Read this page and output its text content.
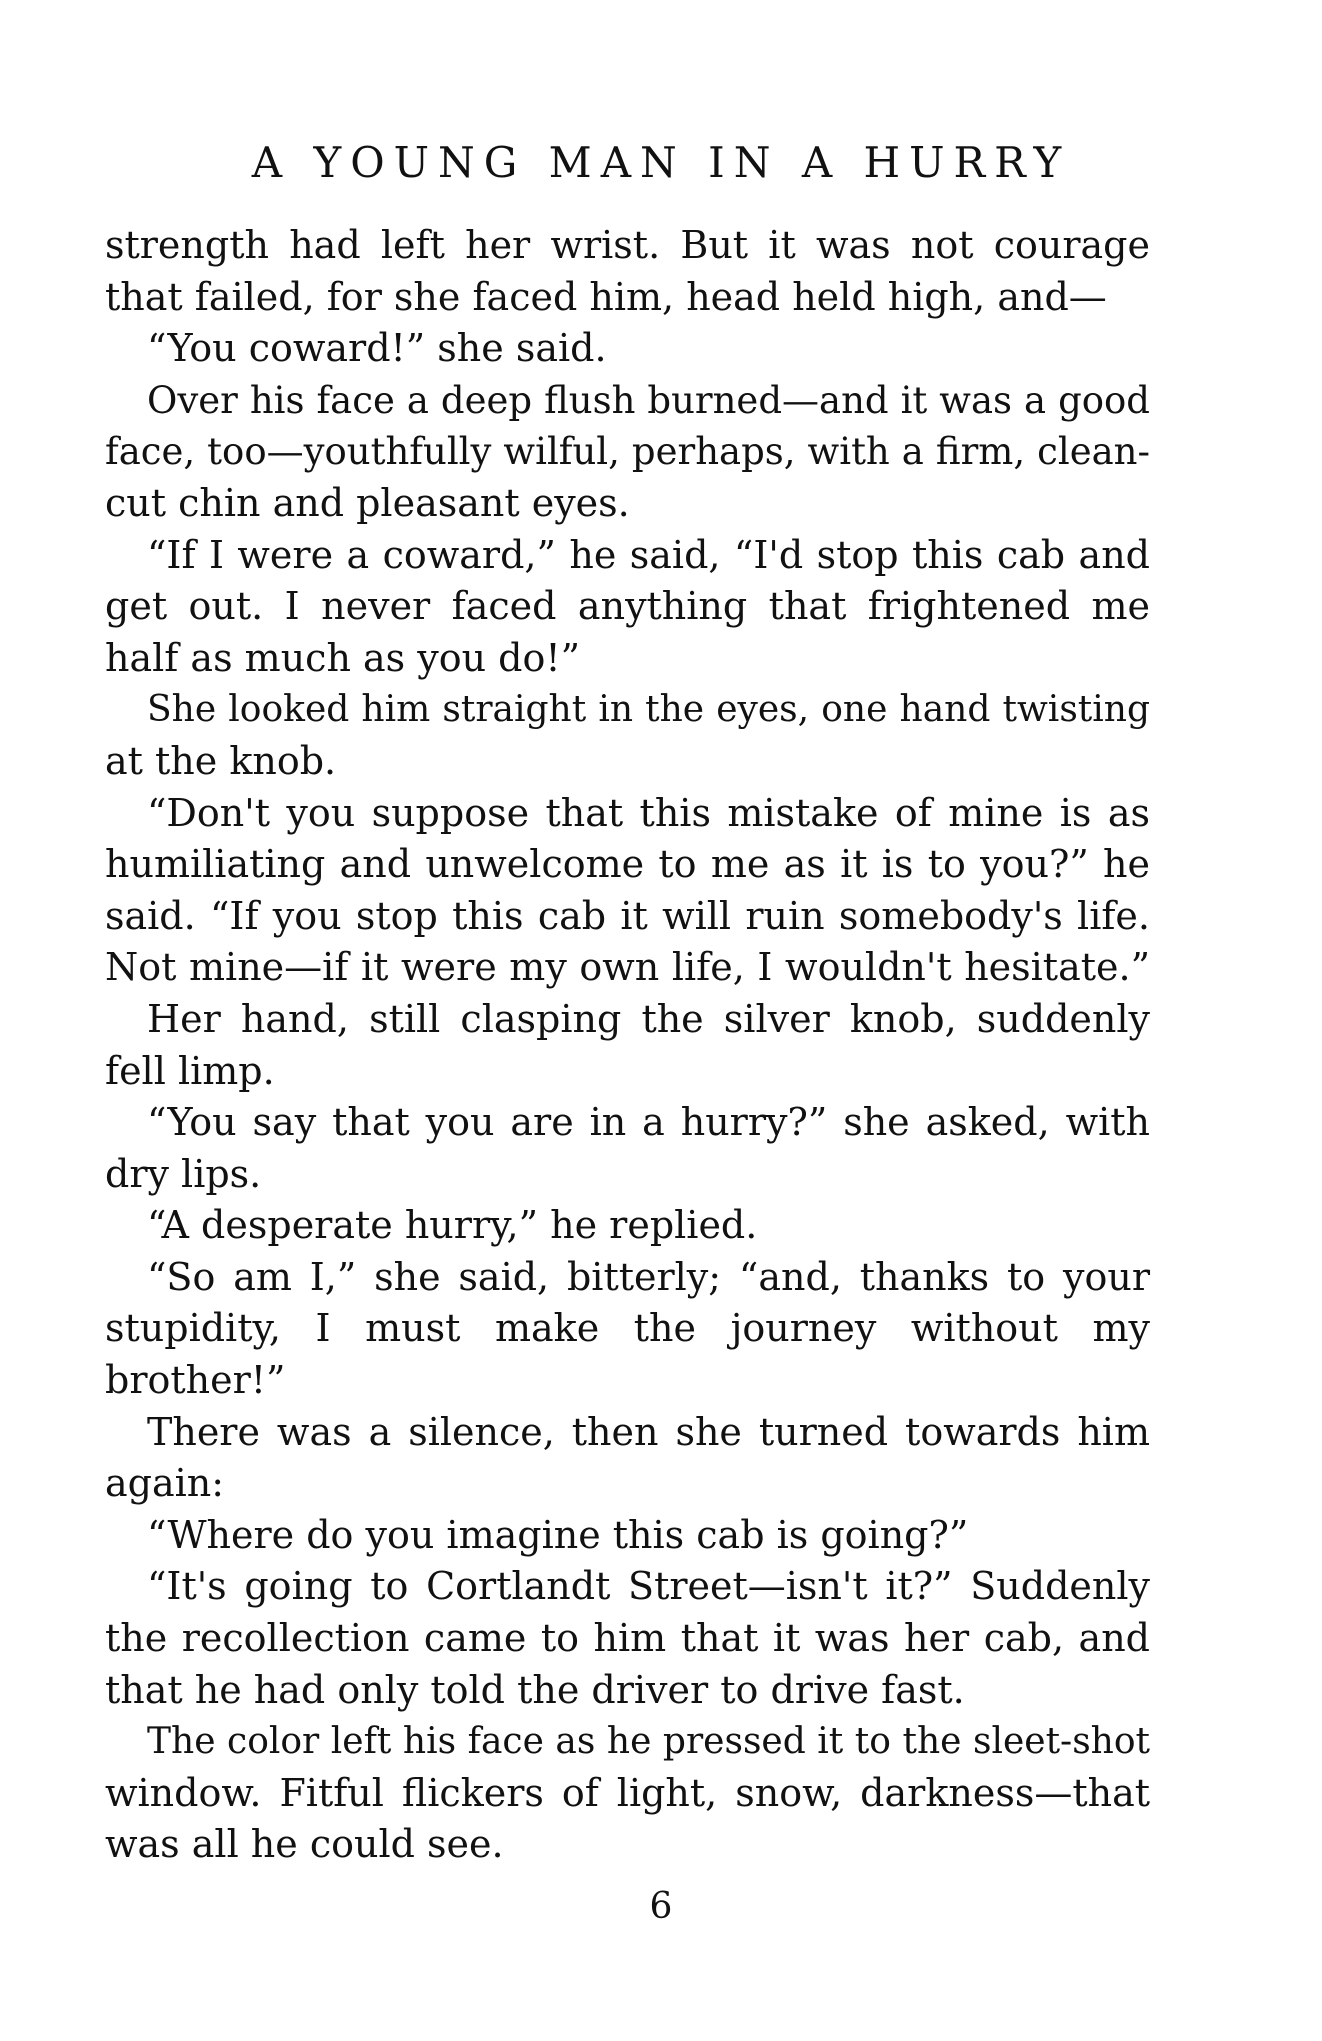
A YOUNG MAN IN A HURRY
strength had left her wrist. But it was not courage
that failed, for she faced him, head held high, and—
“You coward!” she said.
Over his face a deep flush burned—and it was a good
face, too—youthfully wilful, perhaps, with a firm, clean-
cut chin and pleasant eyes.
“If I were a coward,” he said, “I'd stop this cab and
get out. I never faced anything that frightened me
half as much as you do!”
She looked him straight in the eyes, one hand twisting
at the knob.
“Don't you suppose that this mistake of mine is as
humiliating and unwelcome to me as it is to you?” he
said. “If you stop this cab it will ruin somebody's life.
Not mine—if it were my own life, I wouldn't hesitate.”
Her hand, still clasping the silver knob, suddenly
fell limp.
“You say that you are in a hurry?” she asked, with
dry lips.
“A desperate hurry,” he replied.
“So am I,” she said, bitterly; “and, thanks to your
stupidity, I must make the journey without my
brother!”
There was a silence, then she turned towards him
again:
“Where do you imagine this cab is going?”
“It's going to Cortlandt Street—isn't it?” Suddenly
the recollection came to him that it was her cab, and
that he had only told the driver to drive fast.
The color left his face as he pressed it to the sleet-shot
window. Fitful flickers of light, snow, darkness—that
was all he could see.
6
